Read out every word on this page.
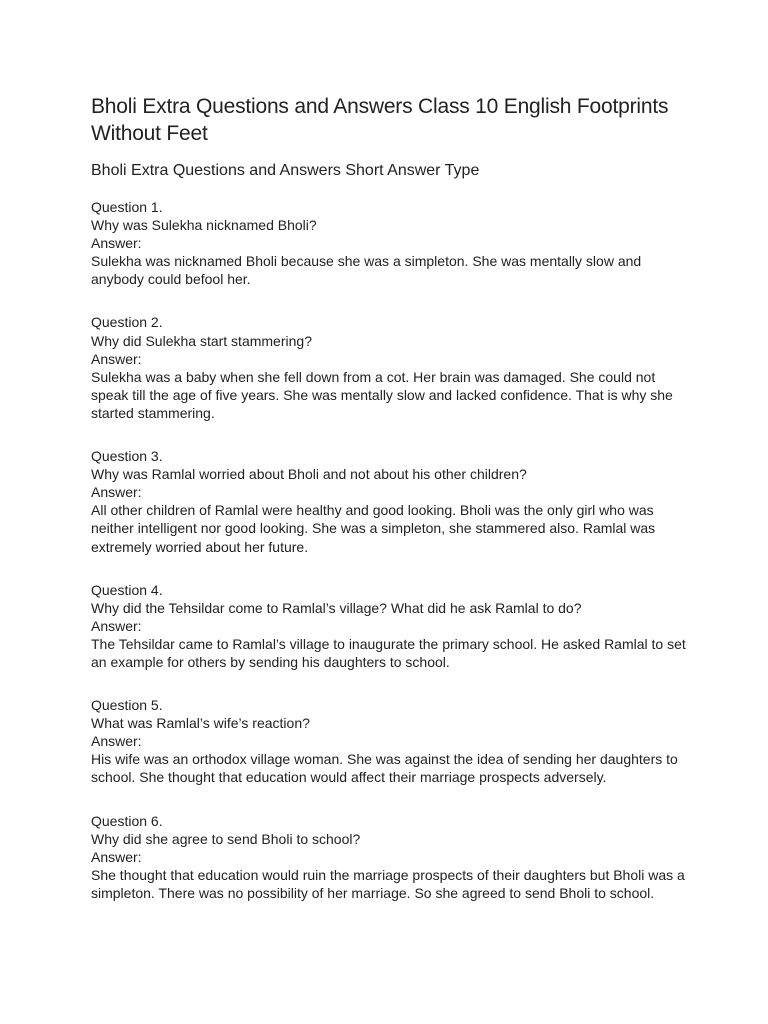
Bholi Extra Questions and Answers Class 10 English Footprints Without Feet
Bholi Extra Questions and Answers Short Answer Type

Question 1.

Why was Sulekha nicknamed Bholi?

Answer:

Sulekha was nicknamed Bholi because she was a simpleton. She was mentally slow and anybody could befool her.

Question 2.

Why did Sulekha start stammering?

Answer:

Sulekha was a baby when she fell down from a cot. Her brain was damaged. She could not speak till the age of five years. She was mentally slow and lacked confidence. That is why she started stammering.

Question 3.

Why was Ramlal worried about Bholi and not about his other children?

Answer:

All other children of Ramlal were healthy and good looking. Bholi was the only girl who was neither intelligent nor good looking. She was a simpleton, she stammered also. Ramlal was extremely worried about her future.

Question 4.

Why did the Tehsildar come to Ramlal’s village? What did he ask Ramlal to do?

Answer:

The Tehsildar came to Ramlal’s village to inaugurate the primary school. He asked Ramlal to set an example for others by sending his daughters to school.

Question 5.

What was Ramlal’s wife’s reaction?

Answer:

His wife was an orthodox village woman. She was against the idea of sending her daughters to school. She thought that education would affect their marriage prospects adversely.

Question 6.

Why did she agree to send Bholi to school?

Answer:

She thought that education would ruin the marriage prospects of their daughters but Bholi was a simpleton. There was no possibility of her marriage. So she agreed to send Bholi to school.
